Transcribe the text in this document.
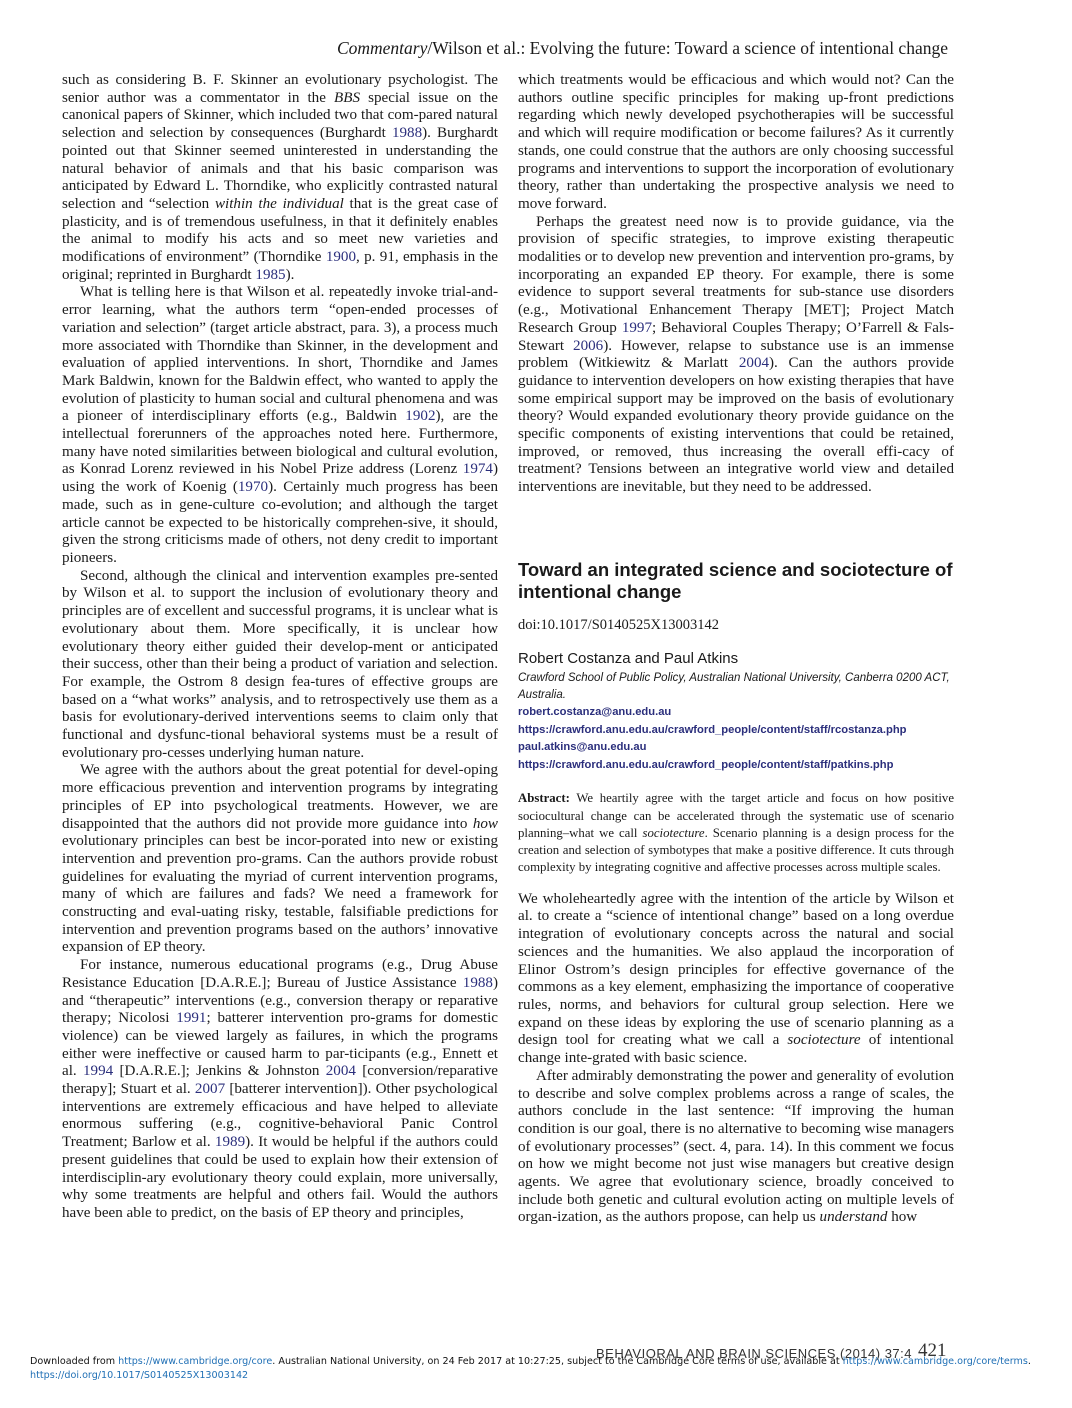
Commentary/Wilson et al.: Evolving the future: Toward a science of intentional change

such as considering B. F. Skinner an evolutionary psychologist. The senior author was a commentator in the BBS special issue on the canonical papers of Skinner, which included two that com-pared natural selection and selection by consequences (Burghardt 1988). Burghardt pointed out that Skinner seemed uninterested in understanding the natural behavior of animals and that his basic comparison was anticipated by Edward L. Thorndike, who explicitly contrasted natural selection and “selection within the individual that is the great case of plasticity, and is of tremendous usefulness, in that it definitely enables the animal to modify his acts and so meet new varieties and modifications of environment” (Thorndike 1900, p. 91, emphasis in the original; reprinted in Burghardt 1985).

What is telling here is that Wilson et al. repeatedly invoke trial-and-error learning, what the authors term “open-ended processes of variation and selection” (target article abstract, para. 3), a process much more associated with Thorndike than Skinner, in the development and evaluation of applied interventions. In short, Thorndike and James Mark Baldwin, known for the Baldwin effect, who wanted to apply the evolution of plasticity to human social and cultural phenomena and was a pioneer of interdisciplinary efforts (e.g., Baldwin 1902), are the intellectual forerunners of the approaches noted here. Furthermore, many have noted similarities between biological and cultural evolution, as Konrad Lorenz reviewed in his Nobel Prize address (Lorenz 1974) using the work of Koenig (1970). Certainly much progress has been made, such as in gene-culture co-evolution; and although the target article cannot be expected to be historically comprehen-sive, it should, given the strong criticisms made of others, not deny credit to important pioneers.

Second, although the clinical and intervention examples pre-sented by Wilson et al. to support the inclusion of evolutionary theory and principles are of excellent and successful programs, it is unclear what is evolutionary about them. More specifically, it is unclear how evolutionary theory either guided their develop-ment or anticipated their success, other than their being a product of variation and selection. For example, the Ostrom 8 design fea-tures of effective groups are based on a “what works” analysis, and to retrospectively use them as a basis for evolutionary-derived interventions seems to claim only that functional and dysfunc-tional behavioral systems must be a result of evolutionary pro-cesses underlying human nature.

We agree with the authors about the great potential for devel-oping more efficacious prevention and intervention programs by integrating principles of EP into psychological treatments. However, we are disappointed that the authors did not provide more guidance into how evolutionary principles can best be incor-porated into new or existing intervention and prevention pro-grams. Can the authors provide robust guidelines for evaluating the myriad of current intervention programs, many of which are failures and fads? We need a framework for constructing and eval-uating risky, testable, falsifiable predictions for intervention and prevention programs based on the authors’ innovative expansion of EP theory.

For instance, numerous educational programs (e.g., Drug Abuse Resistance Education [D.A.R.E.]; Bureau of Justice Assistance 1988) and “therapeutic” interventions (e.g., conversion therapy or reparative therapy; Nicolosi 1991; batterer intervention pro-grams for domestic violence) can be viewed largely as failures, in which the programs either were ineffective or caused harm to par-ticipants (e.g., Ennett et al. 1994 [D.A.R.E.]; Jenkins & Johnston 2004 [conversion/reparative therapy]; Stuart et al. 2007 [batterer intervention]). Other psychological interventions are extremely efficacious and have helped to alleviate enormous suffering (e.g., cognitive-behavioral Panic Control Treatment; Barlow et al. 1989). It would be helpful if the authors could present guidelines that could be used to explain how their extension of interdisciplin-ary evolutionary theory could explain, more universally, why some treatments are helpful and others fail. Would the authors have been able to predict, on the basis of EP theory and principles,

which treatments would be efficacious and which would not? Can the authors outline specific principles for making up-front predictions regarding which newly developed psychotherapies will be successful and which will require modification or become failures? As it currently stands, one could construe that the authors are only choosing successful programs and interventions to support the incorporation of evolutionary theory, rather than undertaking the prospective analysis we need to move forward.

Perhaps the greatest need now is to provide guidance, via the provision of specific strategies, to improve existing therapeutic modalities or to develop new prevention and intervention pro-grams, by incorporating an expanded EP theory. For example, there is some evidence to support several treatments for sub-stance use disorders (e.g., Motivational Enhancement Therapy [MET]; Project Match Research Group 1997; Behavioral Couples Therapy; O’Farrell & Fals-Stewart 2006). However, relapse to substance use is an immense problem (Witkiewitz & Marlatt 2004). Can the authors provide guidance to intervention developers on how existing therapies that have some empirical support may be improved on the basis of evolutionary theory? Would expanded evolutionary theory provide guidance on the specific components of existing interventions that could be retained, improved, or removed, thus increasing the overall effi-cacy of treatment? Tensions between an integrative world view and detailed interventions are inevitable, but they need to be addressed.

Toward an integrated science and sociotecture of intentional change
doi:10.1017/S0140525X13003142
Robert Costanza and Paul Atkins
Crawford School of Public Policy, Australian National University, Canberra 0200 ACT, Australia.
robert.costanza@anu.edu.au
https://crawford.anu.edu.au/crawford_people/content/staff/rcostanza.php
paul.atkins@anu.edu.au
https://crawford.anu.edu.au/crawford_people/content/staff/patkins.php
Abstract: We heartily agree with the target article and focus on how positive sociocultural change can be accelerated through the systematic use of scenario planning–what we call sociotecture. Scenario planning is a design process for the creation and selection of symbotypes that make a positive difference. It cuts through complexity by integrating cognitive and affective processes across multiple scales.

We wholeheartedly agree with the intention of the article by Wilson et al. to create a “science of intentional change” based on a long overdue integration of evolutionary concepts across the natural and social sciences and the humanities. We also applaud the incorporation of Elinor Ostrom’s design principles for effective governance of the commons as a key element, emphasizing the importance of cooperative rules, norms, and behaviors for cultural group selection. Here we expand on these ideas by exploring the use of scenario planning as a design tool for creating what we call a sociotecture of intentional change inte-grated with basic science.

After admirably demonstrating the power and generality of evolution to describe and solve complex problems across a range of scales, the authors conclude in the last sentence: “If improving the human condition is our goal, there is no alternative to becoming wise managers of evolutionary processes” (sect. 4, para. 14). In this comment we focus on how we might become not just wise managers but creative design agents. We agree that evolutionary science, broadly conceived to include both genetic and cultural evolution acting on multiple levels of organ-ization, as the authors propose, can help us understand how

BEHAVIORAL AND BRAIN SCIENCES (2014) 37:4 421
Downloaded from https://www.cambridge.org/core. Australian National University, on 24 Feb 2017 at 10:27:25, subject to the Cambridge Core terms of use, available at https://www.cambridge.org/core/terms.
https://doi.org/10.1017/S0140525X13003142
